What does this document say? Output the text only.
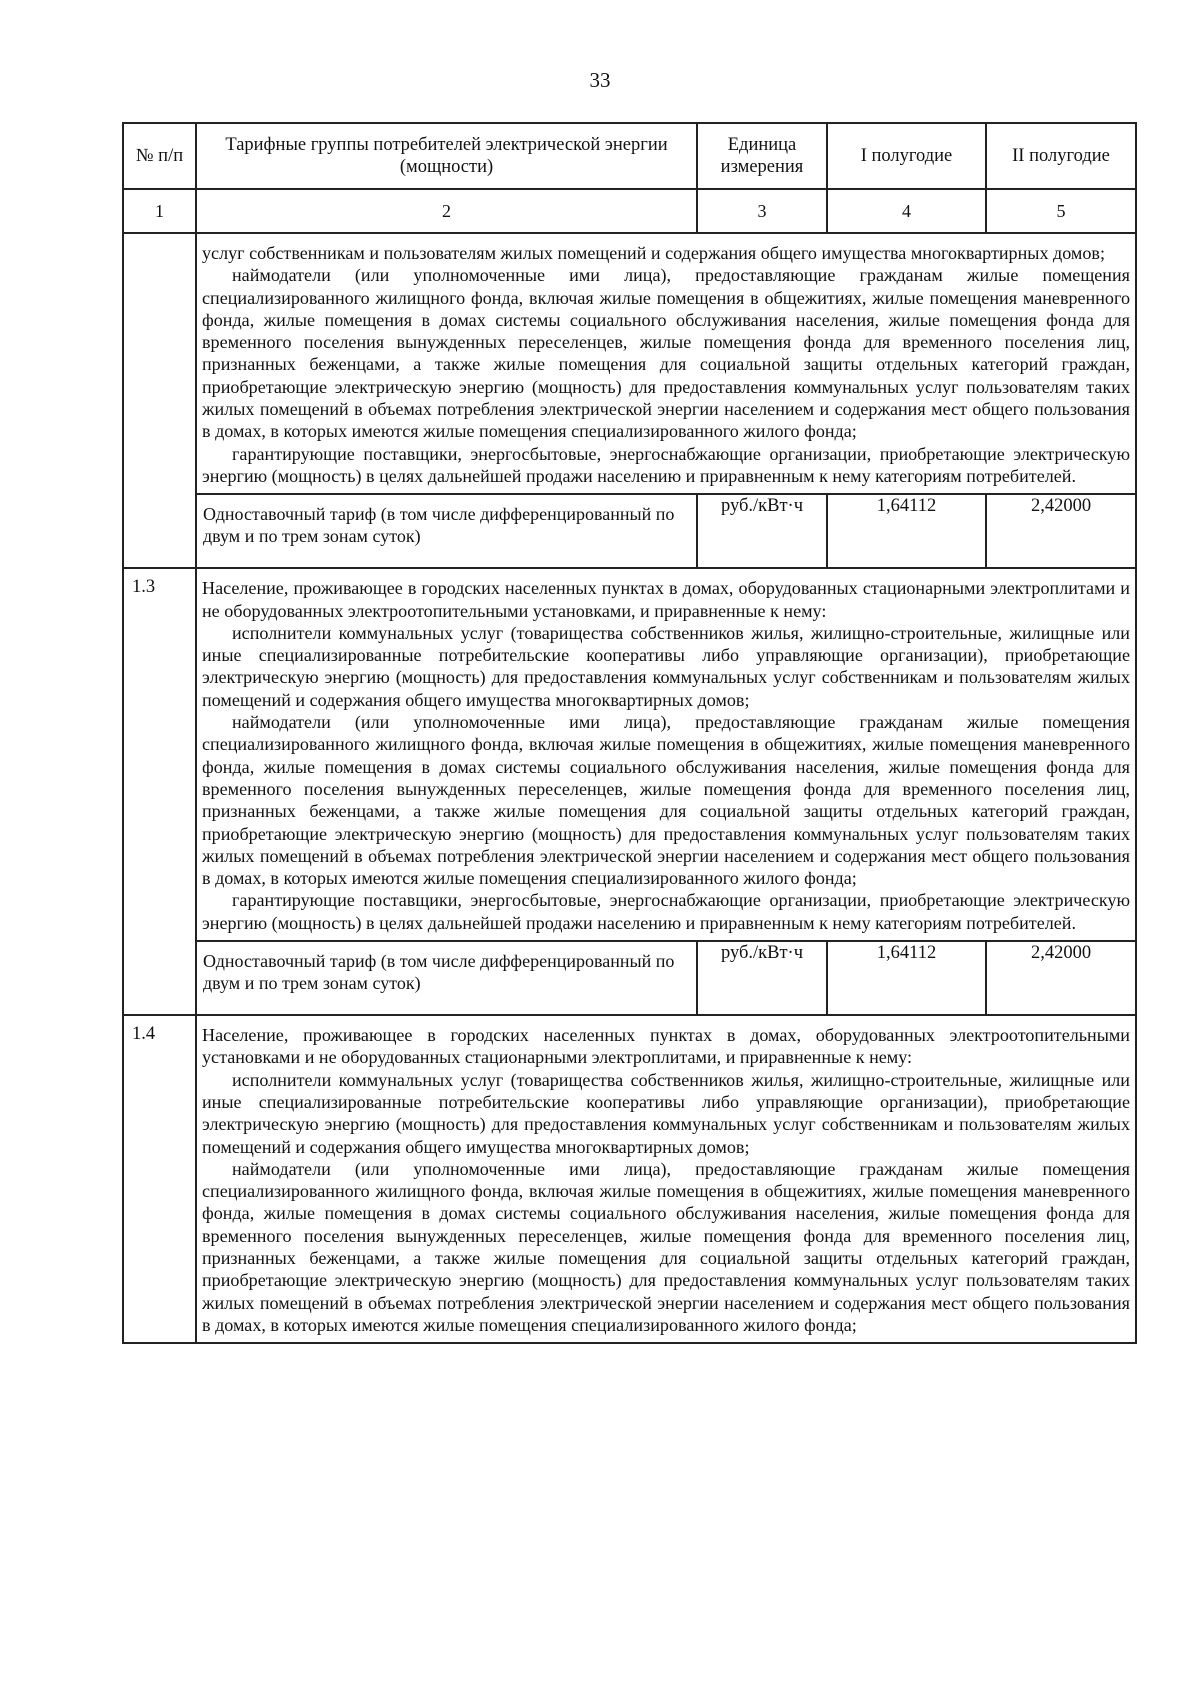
33
№ п/п	Тарифные группы потребителей электрической энергии (мощности)	Единица измерения	I полугодие	II полугодие
1	2	3	4	5

	услуг собственникам и пользователям жилых помещений и содержания общего имущества многоквартирных домов;

наймодатели (или уполномоченные ими лица), предоставляющие гражданам жилые помещения специализированного жилищного фонда, включая жилые помещения в общежитиях, жилые помещения маневренного фонда, жилые помещения в домах системы социального обслуживания населения, жилые помещения фонда для временного поселения вынужденных переселенцев, жилые помещения фонда для временного поселения лиц, признанных беженцами, а также жилые помещения для социальной защиты отдельных категорий граждан, приобретающие электрическую энергию (мощность) для предоставления коммунальных услуг пользователям таких жилых помещений в объемах потребления электрической энергии населением и содержания мест общего пользования в домах, в которых имеются жилые помещения специализированного жилого фонда;

гарантирующие поставщики, энергосбытовые, энергоснабжающие организации, приобретающие электрическую энергию (мощность) в целях дальнейшей продажи населению и приравненным к нему категориям потребителей.			

	Одноставочный тариф (в том числе дифференцированный по двум и по трем зонам суток)	руб./кВт·ч	1,64112	2,42000
1.3	Население, проживающее в городских населенных пунктах в домах, оборудованных стационарными электроплитами и не оборудованных электроотопительными установками, и приравненные к нему:

исполнители коммунальных услуг (товарищества собственников жилья, жилищно-строительные, жилищные или иные специализированные потребительские кооперативы либо управляющие организации), приобретающие электрическую энергию (мощность) для предоставления коммунальных услуг собственникам и пользователям жилых помещений и содержания общего имущества многоквартирных домов;

наймодатели (или уполномоченные ими лица), предоставляющие гражданам жилые помещения специализированного жилищного фонда, включая жилые помещения в общежитиях, жилые помещения маневренного фонда, жилые помещения в домах системы социального обслуживания населения, жилые помещения фонда для временного поселения вынужденных переселенцев, жилые помещения фонда для временного поселения лиц, признанных беженцами, а также жилые помещения для социальной защиты отдельных категорий граждан, приобретающие электрическую энергию (мощность) для предоставления коммунальных услуг пользователям таких жилых помещений в объемах потребления электрической энергии населением и содержания мест общего пользования в домах, в которых имеются жилые помещения специализированного жилого фонда;

гарантирующие поставщики, энергосбытовые, энергоснабжающие организации, приобретающие электрическую энергию (мощность) в целях дальнейшей продажи населению и приравненным к нему категориям потребителей.			

	Одноставочный тариф (в том числе дифференцированный по двум и по трем зонам суток)	руб./кВт·ч	1,64112	2,42000
1.4	Население, проживающее в городских населенных пунктах в домах, оборудованных электроотопительными установками и не оборудованных стационарными электроплитами, и приравненные к нему:

исполнители коммунальных услуг (товарищества собственников жилья, жилищно-строительные, жилищные или иные специализированные потребительские кооперативы либо управляющие организации), приобретающие электрическую энергию (мощность) для предоставления коммунальных услуг собственникам и пользователям жилых помещений и содержания общего имущества многоквартирных домов;

наймодатели (или уполномоченные ими лица), предоставляющие гражданам жилые помещения специализированного жилищного фонда, включая жилые помещения в общежитиях, жилые помещения маневренного фонда, жилые помещения в домах системы социального обслуживания населения, жилые помещения фонда для временного поселения вынужденных переселенцев, жилые помещения фонда для временного поселения лиц, признанных беженцами, а также жилые помещения для социальной защиты отдельных категорий граждан, приобретающие электрическую энергию (мощность) для предоставления коммунальных услуг пользователям таких жилых помещений в объемах потребления электрической энергии населением и содержания мест общего пользования в домах, в которых имеются жилые помещения специализированного жилого фонда;			
